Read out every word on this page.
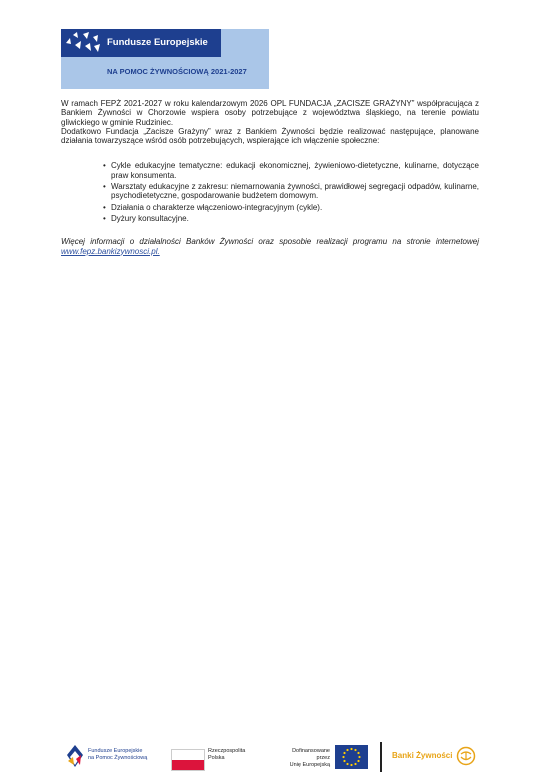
Fundusze Europejskie
NA POMOC ŻYWNOŚCIOWĄ 2021-2027

W ramach FEPŻ 2021-2027 w roku kalendarzowym 2026 OPL FUNDACJA „ZACISZE GRAŻYNY” współpracująca z Bankiem Żywności w Chorzowie wspiera osoby potrzebujące z województwa śląskiego, na terenie powiatu gliwickiego w gminie Rudziniec.

Dodatkowo Fundacja „Zacisze Grażyny” wraz z Bankiem Żywności będzie realizować następujące, planowane działania towarzyszące wśród osób potrzebujących, wspierające ich włączenie społeczne:

• Cykle edukacyjne tematyczne: edukacji ekonomicznej, żywieniowo-dietetyczne, kulinarne, dotyczące praw konsumenta.
• Warsztaty edukacyjne z zakresu: niemarnowania żywności, prawidłowej segregacji odpadów, kulinarne, psychodietetyczne, gospodarowanie budżetem domowym.
• Działania o charakterze włączeniowo-integracyjnym (cykle).
• Dyżury konsultacyjne.

Więcej informacji o działalności Banków Żywności oraz sposobie realizacji programu na stronie internetowej www.fepz.bankizywnosci.pl.

Fundusze Europejskie
na Pomoc Żywnościową
Rzeczpospolita
Polska
Dofinansowane przez
Unię Europejską
Banki Żywności
